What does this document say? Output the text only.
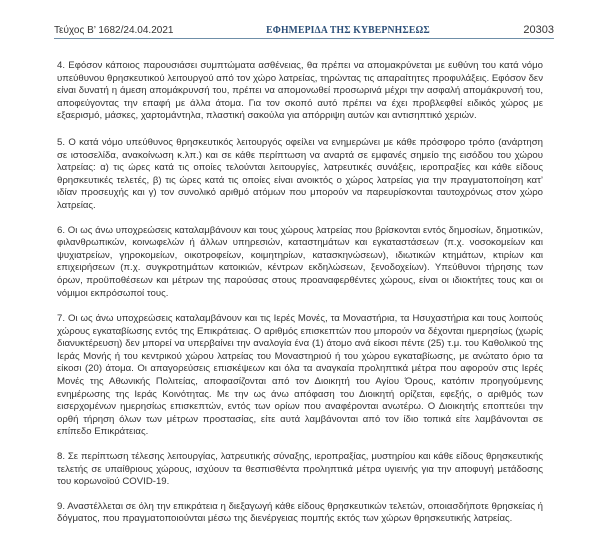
Τεύχος B’ 1682/24.04.2021	ΕΦΗΜΕΡΙΔΑ ΤΗΣ ΚΥΒΕΡΝΗΣΕΩΣ	20303

4. Εφόσον κάποιος παρουσιάσει συμπτώματα ασθένειας, θα πρέπει να απομακρύνεται με ευθύνη του κατά νόμο υπεύθυνου θρησκευτικού λειτουργού από τον χώρο λατρείας, τηρώντας τις απαραίτητες προφυλάξεις. Εφόσον δεν είναι δυνατή η άμεση απομάκρυνσή του, πρέπει να απομονωθεί προσωρινά μέχρι την ασφαλή απομάκρυνσή του, αποφεύγοντας την επαφή με άλλα άτομα. Για τον σκοπό αυτό πρέπει να έχει προβλεφθεί ειδικός χώρος με εξαερισμό, μάσκες, χαρτομάντηλα, πλαστική σακούλα για απόρριψη αυτών και αντισηπτικό χεριών.

5. Ο κατά νόμο υπεύθυνος θρησκευτικός λειτουργός οφείλει να ενημερώνει με κάθε πρόσφορο τρόπο (ανάρτηση σε ιστοσελίδα, ανακοίνωση κ.λπ.) και σε κάθε περίπτωση να αναρτά σε εμφανές σημείο της εισόδου του χώρου λατρείας: α) τις ώρες κατά τις οποίες τελούνται λειτουργίες, λατρευτικές συνάξεις, ιεροπραξίες και κάθε είδους θρησκευτικές τελετές, β) τις ώρες κατά τις οποίες είναι ανοικτός ο χώρος λατρείας για την πραγματοποίηση κατ’ ιδίαν προσευχής και γ) τον συνολικό αριθμό ατόμων που μπορούν να παρευρίσκονται ταυτοχρόνως στον χώρο λατρείας.

6. Οι ως άνω υποχρεώσεις καταλαμβάνουν και τους χώρους λατρείας που βρίσκονται εντός δημοσίων, δημοτικών, φιλανθρωπικών, κοινωφελών ή άλλων υπηρεσιών, καταστημάτων και εγκαταστάσεων (π.χ. νοσοκομείων και ψυχιατρείων, γηροκομείων, οικοτροφείων, κοιμητηρίων, κατασκηνώσεων), ιδιωτικών κτημάτων, κτιρίων και επιχειρήσεων (π.χ. συγκροτημάτων κατοικιών, κέντρων εκδηλώσεων, ξενοδοχείων). Υπεύθυνοι τήρησης των όρων, προϋποθέσεων και μέτρων της παρούσας στους προαναφερθέντες χώρους, είναι οι ιδιοκτήτες τους και οι νόμιμοι εκπρόσωποί τους.

7. Οι ως άνω υποχρεώσεις καταλαμβάνουν και τις Ιερές Μονές, τα Μοναστήρια, τα Ησυχαστήρια και τους λοιπούς χώρους εγκαταβίωσης εντός της Επικράτειας. Ο αριθμός επισκεπτών που μπορούν να δέχονται ημερησίως (χωρίς διανυκτέρευση) δεν μπορεί να υπερβαίνει την αναλογία ένα (1) άτομο ανά είκοσι πέντε (25) τ.μ. του Καθολικού της Ιεράς Μονής ή του κεντρικού χώρου λατρείας του Μοναστηριού ή του χώρου εγκαταβίωσης, με ανώτατο όριο τα είκοσι (20) άτομα. Οι απαγορεύσεις επισκέψεων και όλα τα αναγκαία προληπτικά μέτρα που αφορούν στις Ιερές Μονές της Αθωνικής Πολιτείας, αποφασίζονται από τον Διοικητή του Αγίου Όρους, κατόπιν προηγούμενης ενημέρωσης της Ιεράς Κοινότητας. Με την ως άνω απόφαση του Διοικητή ορίζεται, εφεξής, ο αριθμός των εισερχομένων ημερησίως επισκεπτών, εντός των ορίων που αναφέρονται ανωτέρω. Ο Διοικητής εποπτεύει την ορθή τήρηση όλων των μέτρων προστασίας, είτε αυτά λαμβάνονται από τον ίδιο τοπικά είτε λαμβάνονται σε επίπεδο Επικράτειας.

8. Σε περίπτωση τέλεσης λειτουργίας, λατρευτικής σύναξης, ιεροπραξίας, μυστηρίου και κάθε είδους θρησκευτικής τελετής σε υπαίθριους χώρους, ισχύουν τα θεσπισθέντα προληπτικά μέτρα υγιεινής για την αποφυγή μετάδοσης του κορωνοϊού COVID-19.

9. Αναστέλλεται σε όλη την επικράτεια η διεξαγωγή κάθε είδους θρησκευτικών τελετών, οποιασδήποτε θρησκείας ή δόγματος, που πραγματοποιούνται μέσω της διενέργειας πομπής εκτός των χώρων θρησκευτικής λατρείας.
